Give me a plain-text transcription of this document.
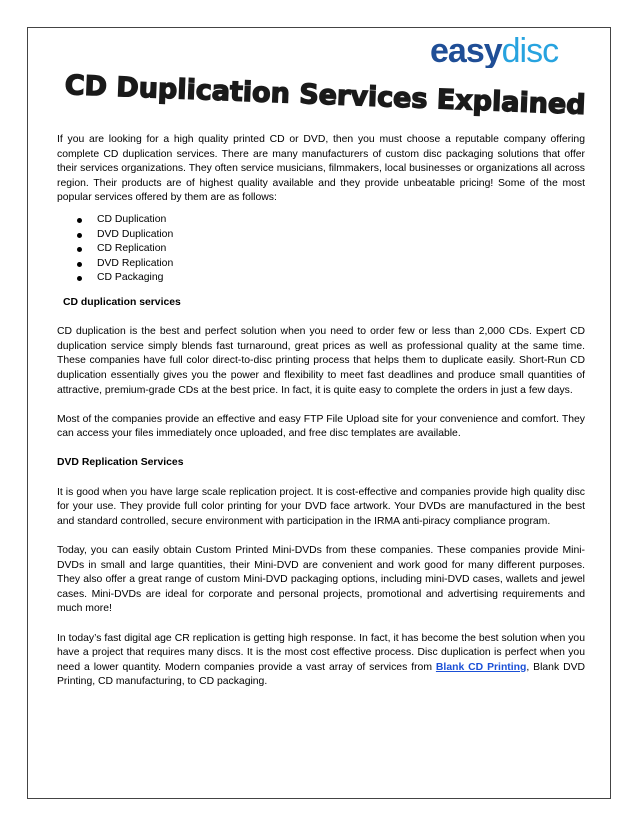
easydisc
CD Duplication Services Explained

If you are looking for a high quality printed CD or DVD, then you must choose a reputable company offering complete CD duplication services. There are many manufacturers of custom disc packaging solutions that offer their services organizations. They often service musicians, filmmakers, local businesses or organizations all across region. Their products are of highest quality available and they provide unbeatable pricing! Some of the most popular services offered by them are as follows:

CD Duplication
DVD Duplication
CD Replication
DVD Replication
CD Packaging

CD duplication services

CD duplication is the best and perfect solution when you need to order few or less than 2,000 CDs. Expert CD duplication service simply blends fast turnaround, great prices as well as professional quality at the same time. These companies have full color direct-to-disc printing process that helps them to duplicate easily. Short-Run CD duplication essentially gives you the power and flexibility to meet fast deadlines and produce small quantities of attractive, premium-grade CDs at the best price. In fact, it is quite easy to complete the orders in just a few days.

Most of the companies provide an effective and easy FTP File Upload site for your convenience and comfort. They can access your files immediately once uploaded, and free disc templates are available.

DVD Replication Services

It is good when you have large scale replication project. It is cost-effective and companies provide high quality disc for your use. They provide full color printing for your DVD face artwork. Your DVDs are manufactured in the best and standard controlled, secure environment with participation in the IRMA anti-piracy compliance program.

Today, you can easily obtain Custom Printed Mini-DVDs from these companies. These companies provide Mini-DVDs in small and large quantities, their Mini-DVD are convenient and work good for many different purposes. They also offer a great range of custom Mini-DVD packaging options, including mini-DVD cases, wallets and jewel cases. Mini-DVDs are ideal for corporate and personal projects, promotional and advertising requirements and much more!

In today’s fast digital age CR replication is getting high response. In fact, it has become the best solution when you have a project that requires many discs. It is the most cost effective process. Disc duplication is perfect when you need a lower quantity. Modern companies provide a vast array of services from Blank CD Printing, Blank DVD Printing, CD manufacturing, to CD packaging.
